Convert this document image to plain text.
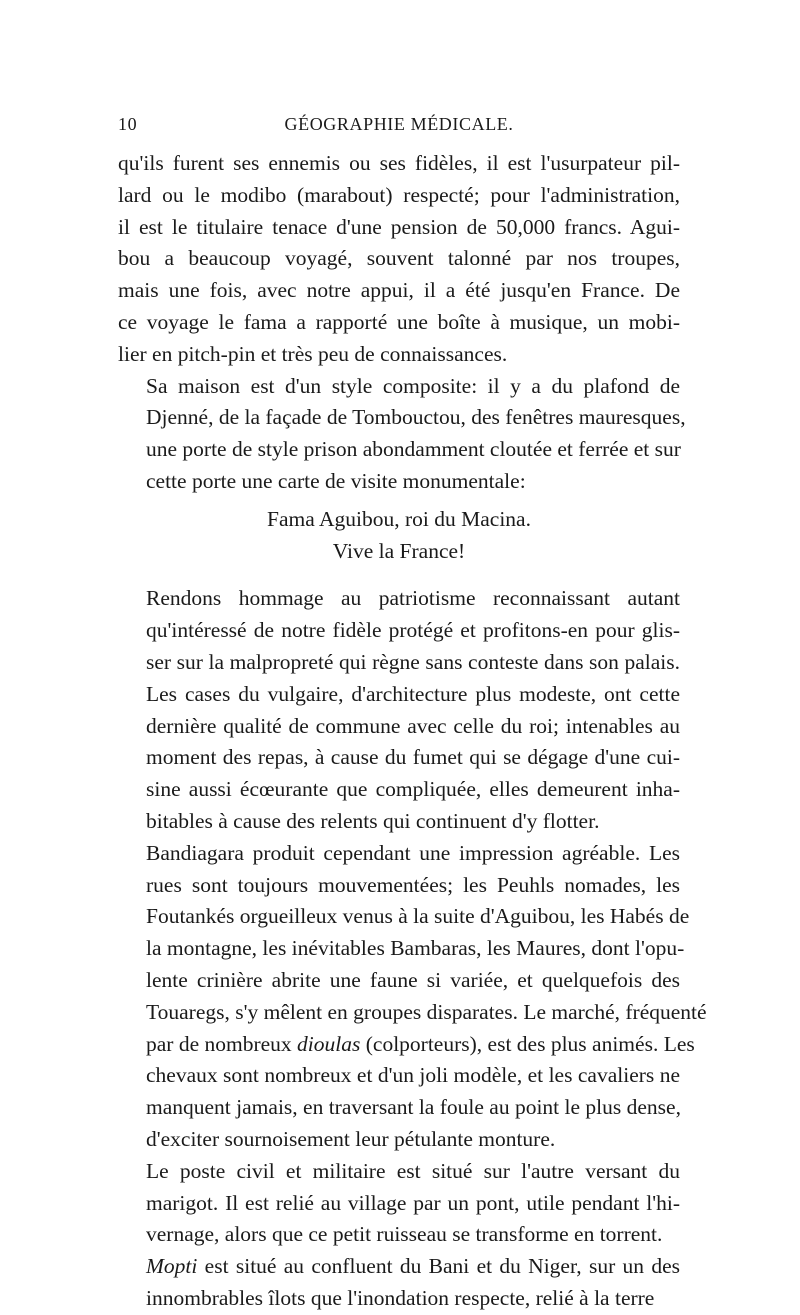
10	GÉOGRAPHIE MÉDICALE.
qu'ils furent ses ennemis ou ses fidèles, il est l'usurpateur pil-
lard ou le modibo (marabout) respecté; pour l'administration,
il est le titulaire tenace d'une pension de 50,000 francs. Agui-
bou a beaucoup voyagé, souvent talonné par nos troupes,
mais une fois, avec notre appui, il a été jusqu'en France. De
ce voyage le fama a rapporté une boîte à musique, un mobi-
lier en pitch-pin et très peu de connaissances.
Sa maison est d'un style composite: il y a du plafond de
Djenné, de la façade de Tombouctou, des fenêtres mauresques,
une porte de style prison abondamment cloutée et ferrée et sur
cette porte une carte de visite monumentale:
Fama Aguibou, roi du Macina.
Vive la France!
Rendons hommage au patriotisme reconnaissant autant
qu'intéressé de notre fidèle protégé et profitons-en pour glis-
ser sur la malpropreté qui règne sans conteste dans son palais.
Les cases du vulgaire, d'architecture plus modeste, ont cette
dernière qualité de commune avec celle du roi; intenables au
moment des repas, à cause du fumet qui se dégage d'une cui-
sine aussi écœurante que compliquée, elles demeurent inha-
bitables à cause des relents qui continuent d'y flotter.
Bandiagara produit cependant une impression agréable. Les
rues sont toujours mouvementées; les Peuhls nomades, les
Foutankés orgueilleux venus à la suite d'Aguibou, les Habés de
la montagne, les inévitables Bambaras, les Maures, dont l'opu-
lente crinière abrite une faune si variée, et quelquefois des
Touaregs, s'y mêlent en groupes disparates. Le marché, fréquenté
par de nombreux dioulas (colporteurs), est des plus animés. Les
chevaux sont nombreux et d'un joli modèle, et les cavaliers ne
manquent jamais, en traversant la foule au point le plus dense,
d'exciter sournoisement leur pétulante monture.
Le poste civil et militaire est situé sur l'autre versant du
marigot. Il est relié au village par un pont, utile pendant l'hi-
vernage, alors que ce petit ruisseau se transforme en torrent.
Mopti est situé au confluent du Bani et du Niger, sur un des
innombrables îlots que l'inondation respecte, relié à la terre
